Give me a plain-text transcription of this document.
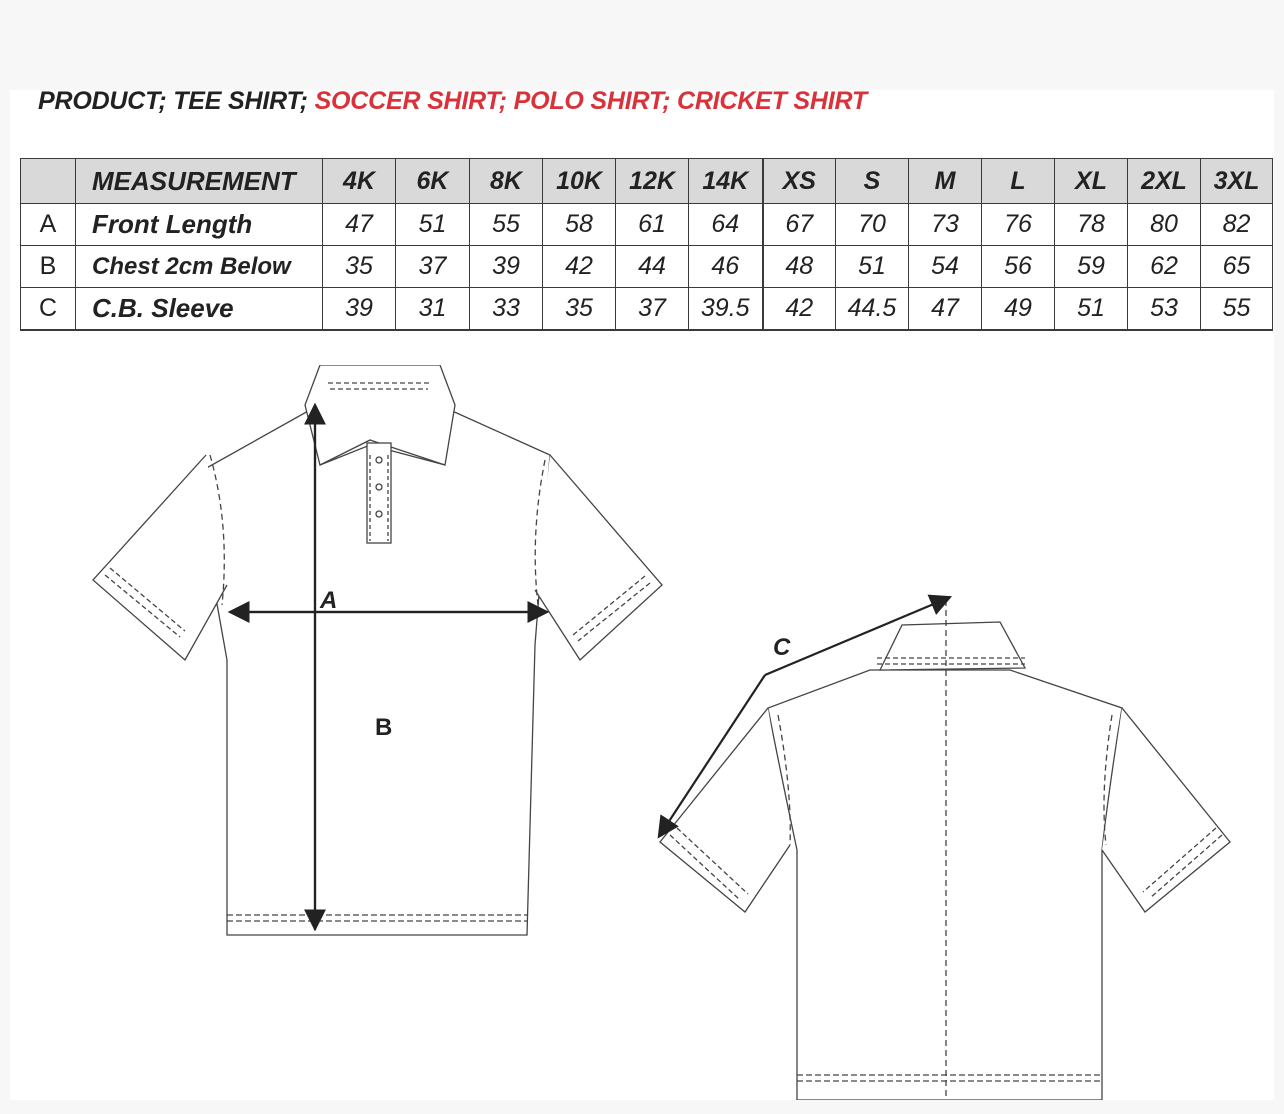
PRODUCT; TEE SHIRT; SOCCER SHIRT; POLO SHIRT; CRICKET SHIRT
	MEASUREMENT	4K	6K	8K	10K	12K	14K	XS	S	M	L	XL	2XL	3XL
A	Front Length	47	51	55	58	61	64	67	70	73	76	78	80	82
B	Chest 2cm Below	35	37	39	42	44	46	48	51	54	56	59	62	65
C	C.B. Sleeve	39	31	33	35	37	39.5	42	44.5	47	49	51	53	55
A
B
C
